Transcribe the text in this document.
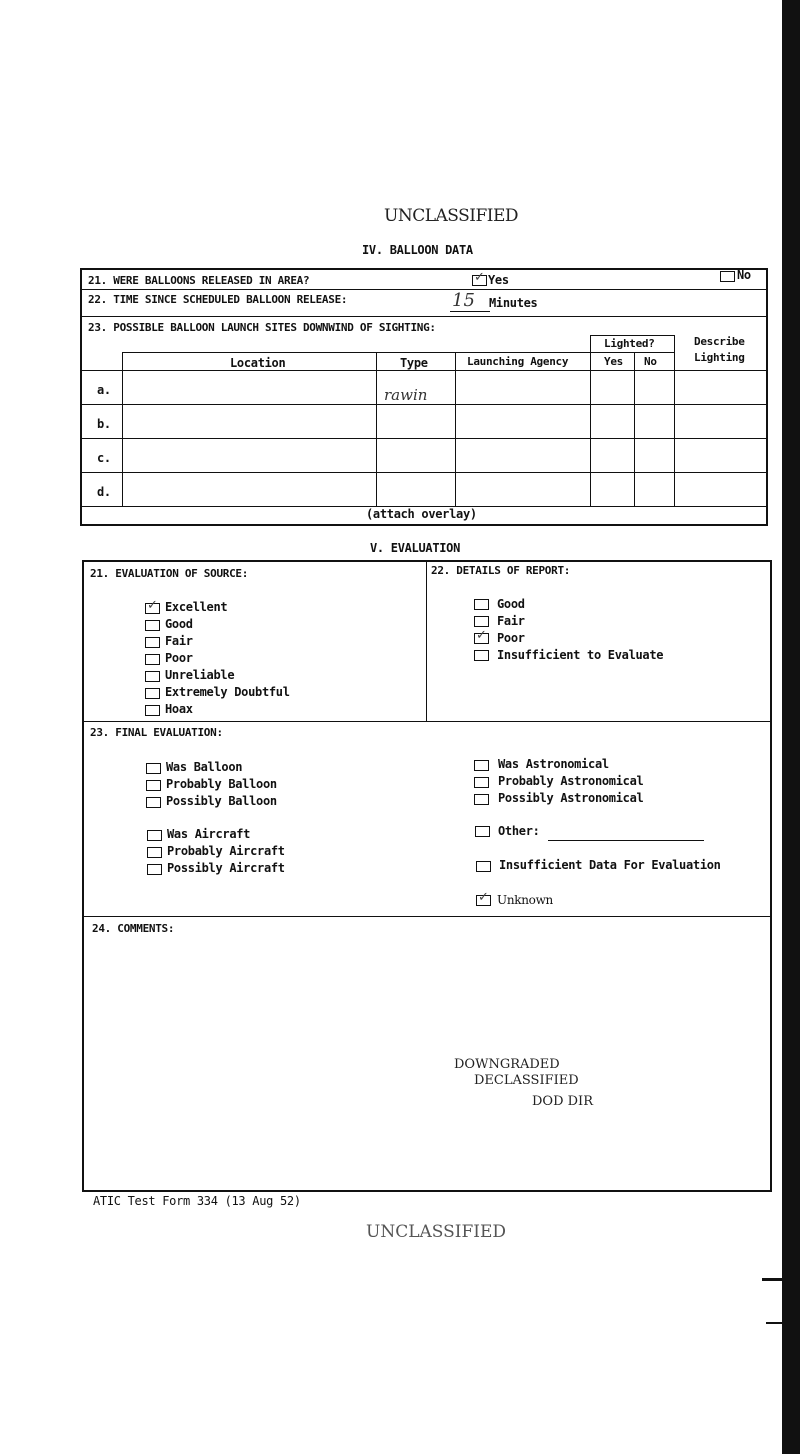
UNCLASSIFIED
IV. BALLOON DATA
21. WERE BALLOONS RELEASED IN AREA?
✓	Yes	No
22. TIME SINCE SCHEDULED BALLOON RELEASE:	15 Minutes
23. POSSIBLE BALLOON LAUNCH SITES DOWNWIND OF SIGHTING:
Location	Type	Launching Agency
Lighted?
Yes No
Describe
Lighting
a.
b.
c.
d.
rawin
(attach overlay)
V. EVALUATION
21. EVALUATION OF SOURCE:
✓
Excellent
Good
Fair
Poor
Unreliable
Extremely Doubtful
Hoax
22. DETAILS OF REPORT:
Good
Fair
✓
Poor
Insufficient to Evaluate
23. FINAL EVALUATION:
Was Balloon
Probably Balloon
Possibly Balloon
Was Aircraft
Probably Aircraft
Possibly Aircraft
Was Astronomical
Probably Astronomical
Possibly Astronomical
Other:
Insufficient Data For Evaluation
✓
Unknown
24. COMMENTS:
DOWNGRADED
DECLASSIFIED
DOD DIR
ATIC Test Form 334 (13 Aug 52)
UNCLASSIFIED
